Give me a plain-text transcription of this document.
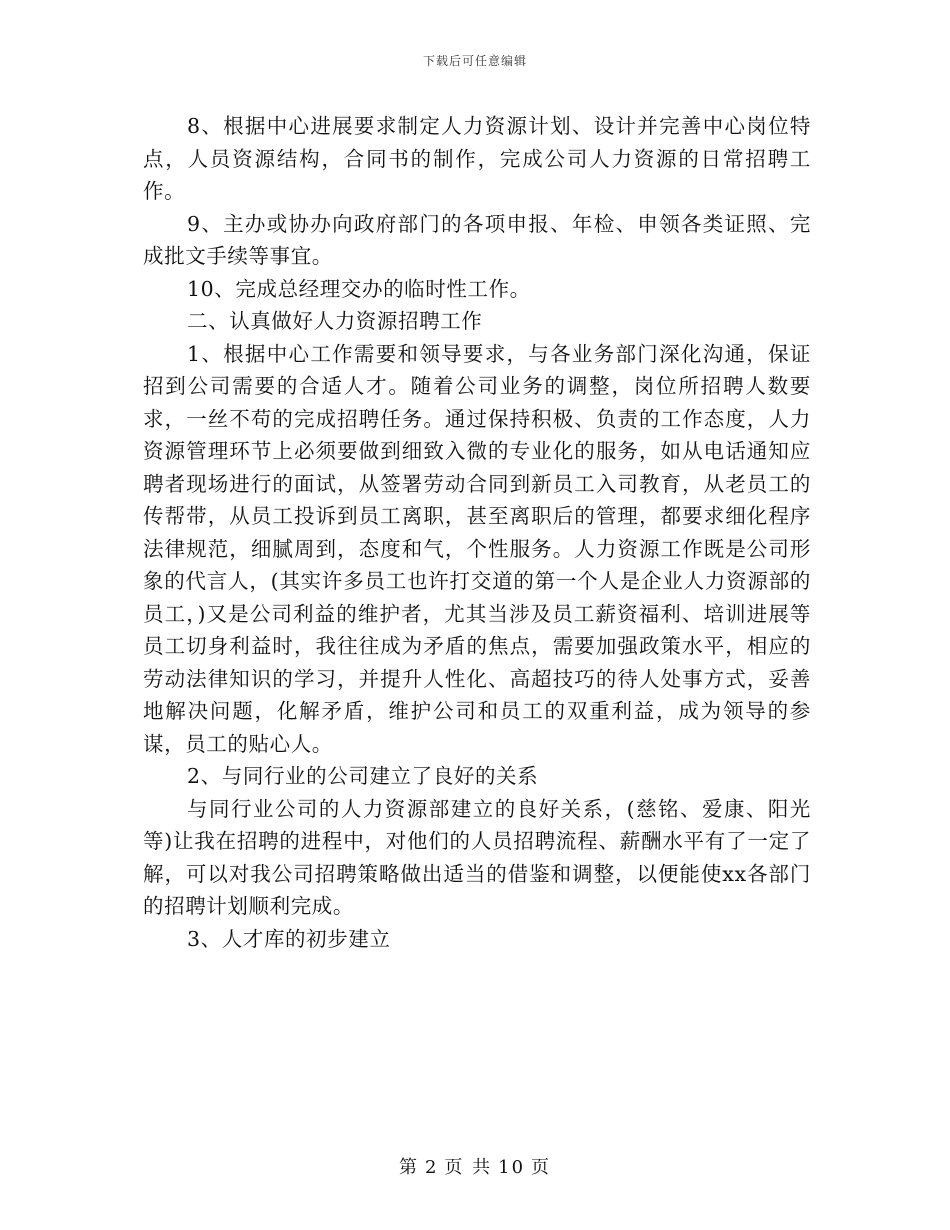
下载后可任意编辑

8、根据中心进展要求制定人力资源计划、设计并完善中心岗位特点，人员资源结构，合同书的制作，完成公司人力资源的日常招聘工作。

9、主办或协办向政府部门的各项申报、年检、申领各类证照、完成批文手续等事宜。

10、完成总经理交办的临时性工作。

二、认真做好人力资源招聘工作

1、根据中心工作需要和领导要求，与各业务部门深化沟通，保证招到公司需要的合适人才。随着公司业务的调整，岗位所招聘人数要求，一丝不苟的完成招聘任务。通过保持积极、负责的工作态度，人力资源管理环节上必须要做到细致入微的专业化的服务，如从电话通知应聘者现场进行的面试，从签署劳动合同到新员工入司教育，从老员工的传帮带，从员工投诉到员工离职，甚至离职后的管理，都要求细化程序法律规范，细腻周到，态度和气，个性服务。人力资源工作既是公司形象的代言人，(其实许多员工也许打交道的第一个人是企业人力资源部的员工，)又是公司利益的维护者，尤其当涉及员工薪资福利、培训进展等员工切身利益时，我往往成为矛盾的焦点，需要加强政策水平，相应的劳动法律知识的学习，并提升人性化、高超技巧的待人处事方式，妥善地解决问题，化解矛盾，维护公司和员工的双重利益，成为领导的参谋，员工的贴心人。

2、与同行业的公司建立了良好的关系

与同行业公司的人力资源部建立的良好关系，(慈铭、爱康、阳光等)让我在招聘的进程中，对他们的人员招聘流程、薪酬水平有了一定了解，可以对我公司招聘策略做出适当的借鉴和调整，以便能使xx各部门的招聘计划顺利完成。

3、人才库的初步建立

第 2 页 共 10 页
